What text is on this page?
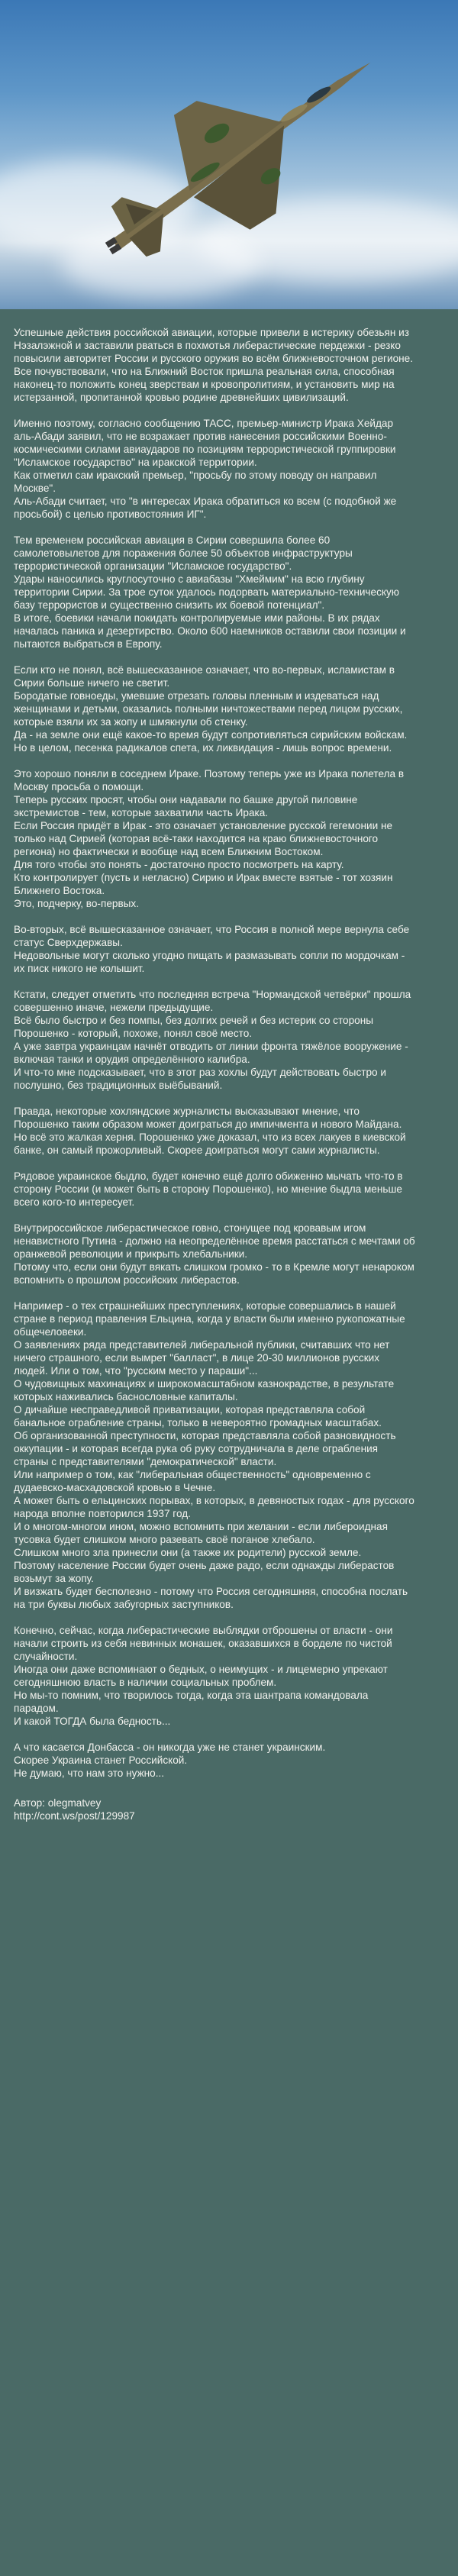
Успешные действия российской авиации, которые привели в истерику обезьян из Нэзалэжной и заставили рваться в похмотья либерастические пердежки - резко повысили авторитет России и русского оружия во всём ближневосточном регионе.

Все почувствовали, что на Ближний Восток пришла реальная сила, способная наконец-то положить конец зверствам и кровопролитиям, и установить мир на истерзанной, пропитанной кровью родине древнейших цивилизаций.

Именно поэтому, согласно сообщению ТАСС, премьер-министр Ирака Хейдар аль-Абади заявил, что не возражает против нанесения российскими Военно-космическими силами авиаударов по позициям террористической группировки "Исламское государство" на иракской территории.

Как отметил сам иракский премьер, "просьбу по этому поводу он направил Москве".

Аль-Абади считает, что "в интересах Ирака обратиться ко всем (с подобной же просьбой) с целью противостояния ИГ".

Тем временем российская авиация в Сирии совершила более 60 самолетовылетов для поражения более 50 объектов инфраструктуры террористической организации "Исламское государство".

Удары наносились круглосуточно с авиабазы "Хмеймим" на всю глубину территории Сирии. За трое суток удалось подорвать материально-техническую базу террористов и существенно снизить их боевой потенциал".

В итоге, боевики начали покидать контролируемые ими районы. В их рядах началась паника и дезертирство. Около 600 наемников оставили свои позиции и пытаются выбраться в Европу.

Если кто не понял, всё вышесказанное означает, что во-первых, исламистам в Сирии больше ничего не светит.

Бородатые говноеды, умевшие отрезать головы пленным и издеваться над женщинами и детьми, оказались полными ничтожествами перед лицом русских, которые взяли их за жопу и шмякнули об стенку.

Да - на земле они ещё какое-то время будут сопротивляться сирийским войскам. Но в целом, песенка радикалов спета, их ликвидация - лишь вопрос времени.

Это хорошо поняли в соседнем Ираке. Поэтому теперь уже из Ирака полетела в Москву просьба о помощи.

Теперь русских просят, чтобы они надавали по башке другой пиловине экстремистов - тем, которые захватили часть Ирака.

Если Россия придёт в Ирак - это означает установление русской гегемонии не только над Сирией (которая всё-таки находится на краю ближневосточного региона) но фактически и вообще над всем Ближним Востоком.

Для того чтобы это понять - достаточно просто посмотреть на карту.

Кто контролирует (пусть и негласно) Сирию и Ирак вместе взятые - тот хозяин Ближнего Востока.

Это, подчерку, во-первых.

Во-вторых, всё вышесказанное означает, что Россия в полной мере вернула себе статус Сверхдержавы.

Недовольные могут сколько угодно пищать и размазывать сопли по мордочкам - их писк никого не колышит.

Кстати, следует отметить что последняя встреча "Нормандской четвёрки" прошла совершенно иначе, нежели предыдущие.

Всё было быстро и без помпы, без долгих речей и без истерик со стороны Порошенко - который, похоже, понял своё место.

А уже завтра украинцам начнёт отводить от линии фронта тяжёлое вооружение - включая танки и орудия определённого калибра.

И что-то мне подсказывает, что в этот раз хохлы будут действовать быстро и послушно, без традиционных выёбываний.

Правда, некоторые хохляндские журналисты высказывают мнение, что Порошенко таким образом может доиграться до импичмента и нового Майдана. Но всё это жалкая херня. Порошенко уже доказал, что из всех лакуев в киевской банке, он самый прожорливый. Скорее доиграться могут сами журналисты.

Рядовое украинское быдло, будет конечно ещё долго обиженно мычать что-то в сторону России (и может быть в сторону Порошенко), но мнение быдла меньше всего кого-то интересует.

Внутрироссийское либерастическое говно, стонущее под кровавым игом ненавистного Путина - должно на неопределённое время расстаться с мечтами об оранжевой революции и прикрыть хлебальники.

Потому что, если они будут вякать слишком громко - то в Кремле могут ненароком вспомнить о прошлом российских либерастов.

Например - о тех страшнейших преступлениях, которые совершались в нашей стране в период правления Ельцина, когда у власти были именно рукопожатные общечеловеки.

О заявлениях ряда представителей либеральной публики, считавших что нет ничего страшного, если вымрет "балласт", в лице 20-30 миллионов русских людей. Или о том, что "русским место у параши"...

О чудовищных махинациях и широкомасштабном казнокрадстве, в результате которых наживались баснословные капиталы.

О дичайше несправедливой приватизации, которая представляла собой банальное ограбление страны, только в невероятно громадных масштабах.

Об организованной преступности, которая представляла собой разновидность оккупации - и которая всегда рука об руку сотрудничала в деле ограбления страны с представителями "демократической" власти.

Или например о том, как "либеральная общественность" одновременно с дудаевско-масхадовской кровью в Чечне.

А может быть о ельцинских порывах, в которых, в девяностых годах - для русского народа вполне повторился 1937 год.

И о многом-многом ином, можно вспомнить при желании - если либероидная тусовка будет слишком много разевать своё поганое хлебало.

Слишком много зла принесли они (а также их родители) русской земле.

Поэтому население России будет очень даже радо, если однажды либерастов возьмут за жопу.

И визжать будет бесполезно - потому что Россия сегодняшняя, способна послать на три буквы любых забугорных заступников.

Конечно, сейчас, когда либерастические выблядки отброшены от власти - они начали строить из себя невинных монашек, оказавшихся в борделе по чистой случайности.

Иногда они даже вспоминают о бедных, о неимущих - и лицемерно упрекают сегодняшнюю власть в наличии социальных проблем.

Но мы-то помним, что творилось тогда, когда эта шантрапа командовала парадом.

И какой ТОГДА была бедность...

А что касается Донбасса - он никогда уже не станет украинским.

Скорее Украина станет Российской.

Не думаю, что нам это нужно...

Автор: olegmatvey

http://cont.ws/post/129987
